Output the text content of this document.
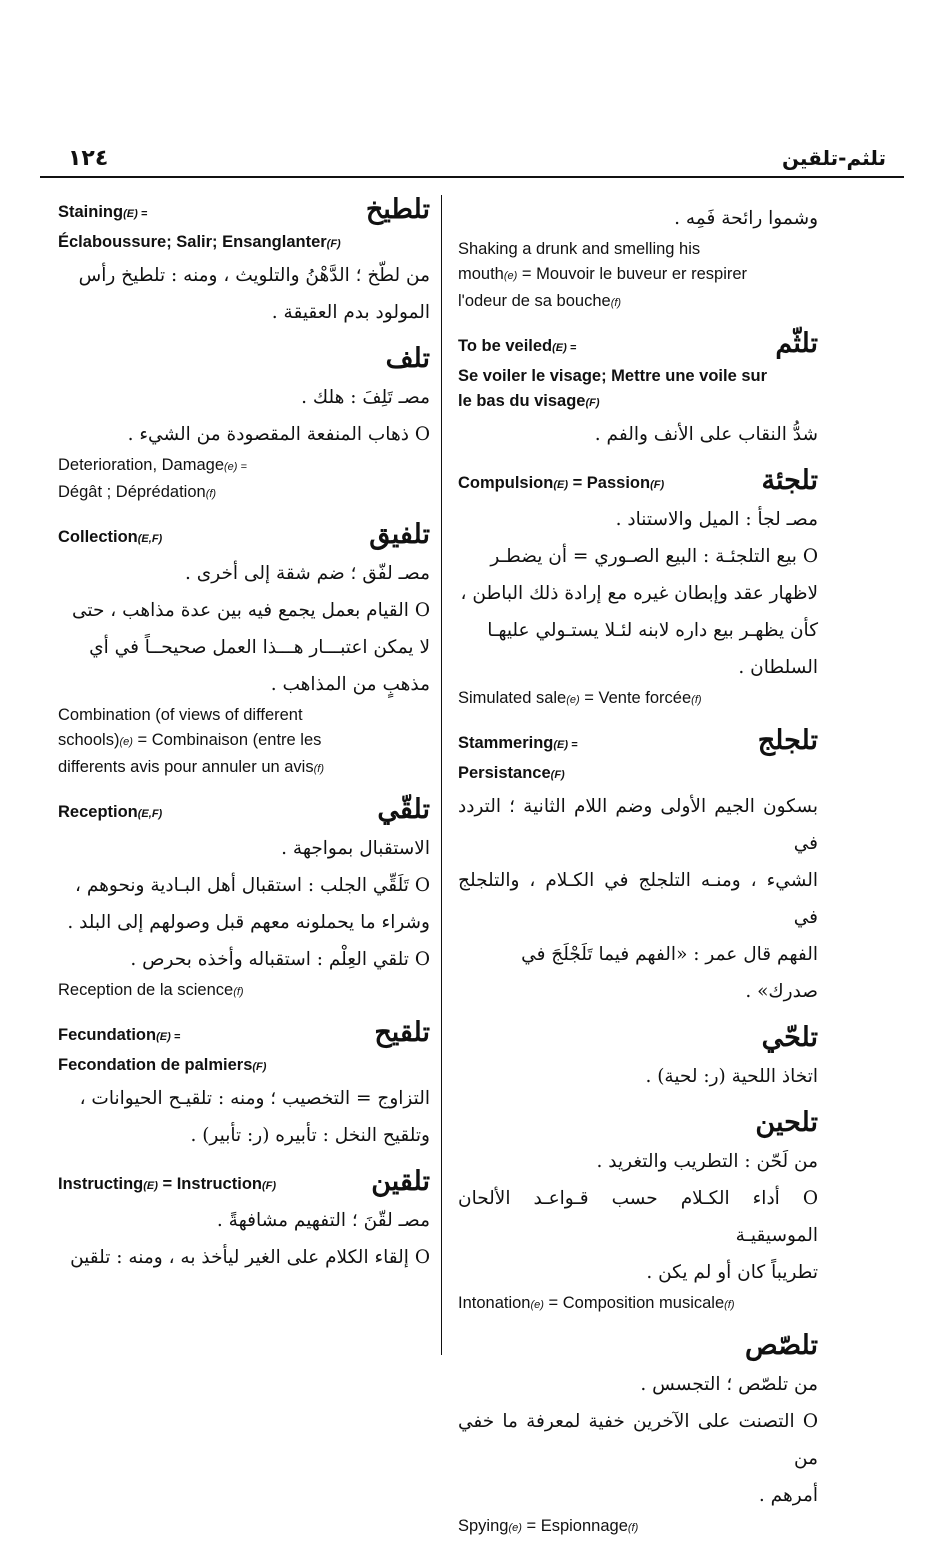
١٢٤	تلثم-تلقين
تلطيخ
Staining(E) =
Éclaboussure; Salir; Ensanglanter(F)
من لطّخ ؛ الدَّهْنُ والتلويث ، ومنه : تلطيخ رأس
المولود بدم العقيقة .
تلف
مصـ تَلِفَ : هلك .
O ذهاب المنفعة المقصودة من الشيء .
Deterioration, Damage(e) =
Dégât ; Déprédation(f)
تلفيق
Collection(E,F)
مصـ لفّق ؛ ضم شقة إلى أخرى .
O القيام بعمل يجمع فيه بين عدة مذاهب ، حتى
لا يمكن اعتبـــار هـــذا العمل صحيحــاً في أي
مذهبٍ من المذاهب .
Combination (of views of different
schools)(e) = Combinaison (entre les
differents avis pour annuler un avis(f)
تلقّي
Reception(E,F)
الاستقبال بمواجهة .
O تَلَقِّي الجلب : استقبال أهل البـادية ونحوهم ،
وشراء ما يحملونه معهم قبل وصولهم إلى البلد .
O تلقي العِلْم : استقباله وأخذه بحرص .
Reception de la science(f)
تلقيح
Fecundation(E) =
Fecondation de palmiers(F)
التزاوج = التخصيب ؛ ومنه : تلقيـح الحيوانات ،
وتلقيح النخل : تأبيره (ر: تأبير) .
تلقين
Instructing(E) = Instruction(F)
مصـ لقّنَ ؛ التفهيم مشافهةً .
O إلقاء الكلام على الغير ليأخذ به ، ومنه : تلقين
وشموا رائحة فَمِه .
Shaking a drunk and smelling his
mouth(e) = Mouvoir le buveur er respirer
l'odeur de sa bouche(f)
تلثّم
To be veiled(E) =
Se voiler le visage; Mettre une voile sur
le bas du visage(F)
شدُّ النقاب على الأنف والفم .
تلجئة
Compulsion(E) = Passion(F)
مصـ لجأ : الميل والاستناد .
O بيع التلجئـة : البيع الصـوري = أن يضطـر
لاظهار عقد وإبطان غيره مع إرادة ذلك الباطن ،
كأن يظهـر بيع داره لابنه لئـلا يستـولي عليهـا
السلطان .
Simulated sale(e) = Vente forcée(f)
تلجلج
Stammering(E) =
Persistance(F)
بسكون الجيم الأولى وضم اللام الثانية ؛ التردد في
الشيء ، ومنـه التلجلج في الكـلام ، والتلجلج في
الفهم قال عمر : «الفهم فيما تَلَجْلَجَ في صدرك» .
تلحّي
اتخاذ اللحية (ر: لحية) .
تلحين
من لَحّن : التطريب والتغريد .
O أداء الكـلام حسب قـواعـد الألحان الموسيقيـة
تطريباً كان أو لم يكن .
Intonation(e) = Composition musicale(f)
تلصّص
من تلصّص ؛ التجسس .
O التصنت على الآخرين خفية لمعرفة ما خفي من
أمرهم .
Spying(e) = Espionnage(f)
